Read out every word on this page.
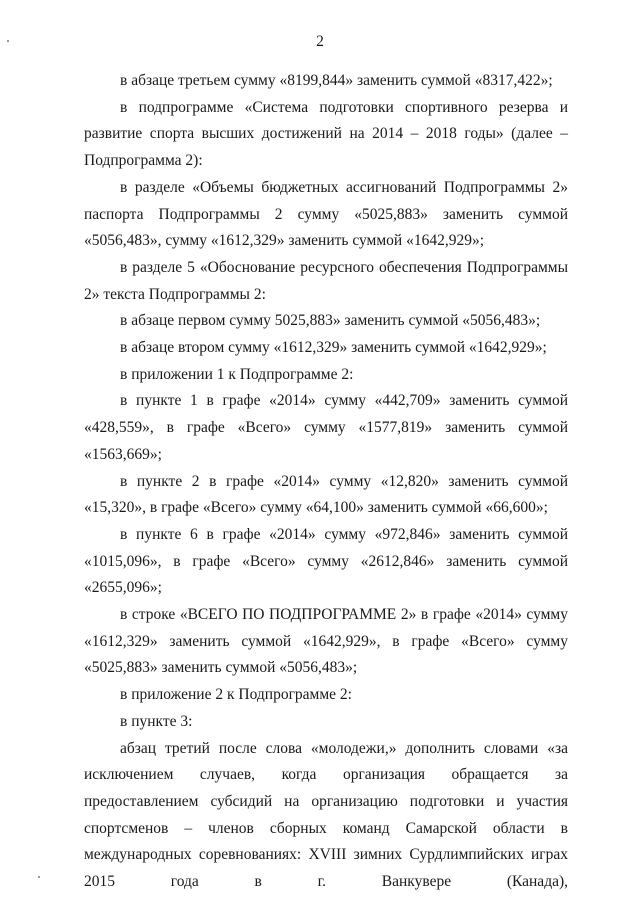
2

в абзаце третьем сумму «8199,844» заменить суммой «8317,422»;

в подпрограмме «Система подготовки спортивного резерва и развитие спорта высших достижений на 2014 – 2018 годы» (далее – Подпрограмма 2):

в разделе «Объемы бюджетных ассигнований Подпрограммы 2» паспорта Подпрограммы 2 сумму «5025,883» заменить суммой «5056,483», сумму «1612,329» заменить суммой «1642,929»;

в разделе 5 «Обоснование ресурсного обеспечения Подпрограммы 2» текста Подпрограммы 2:

в абзаце первом сумму 5025,883» заменить суммой «5056,483»;

в абзаце втором сумму «1612,329» заменить суммой «1642,929»;

в приложении 1 к Подпрограмме 2:

в пункте 1 в графе «2014» сумму «442,709» заменить суммой «428,559», в графе «Всего» сумму «1577,819» заменить суммой «1563,669»;

в пункте 2 в графе «2014» сумму «12,820» заменить суммой «15,320», в графе «Всего» сумму «64,100» заменить суммой «66,600»;

в пункте 6 в графе «2014» сумму «972,846» заменить суммой «1015,096», в графе «Всего» сумму «2612,846» заменить суммой «2655,096»;

в строке «ВСЕГО ПО ПОДПРОГРАММЕ 2» в графе «2014» сумму «1612,329» заменить суммой «1642,929», в графе «Всего» сумму «5025,883» заменить суммой «5056,483»;

в приложение 2 к Подпрограмме 2:

в пункте 3:

абзац третий после слова «молодежи,» дополнить словами «за исключением случаев, когда организация обращается за предоставлением субсидий на организацию подготовки и участия спортсменов – членов сборных команд Самарской области в международных соревнованиях: XVIII зимних Сурдлимпийских играх 2015 года в г. Ванкувере (Канада),
